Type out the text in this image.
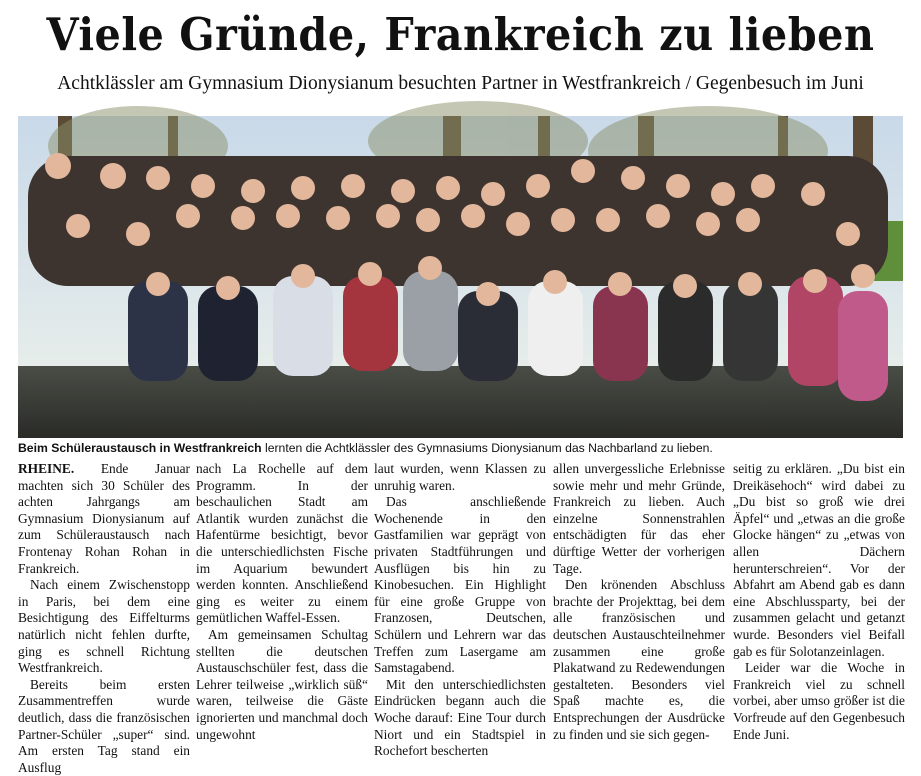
Viele Gründe, Frankreich zu lieben
Achtklässler am Gymnasium Dionysianum besuchten Partner in Westfrankreich / Gegenbesuch im Juni
Beim Schüleraustausch in Westfrankreich lernten die Achtklässler des Gymnasiums Dionysianum das Nachbarland zu lieben.

RHEINE. Ende Januar machten sich 30 Schüler des achten Jahrgangs am Gymnasium Dionysianum auf zum Schüleraustausch nach Frontenay Rohan Rohan in Frankreich.

Nach einem Zwischenstopp in Paris, bei dem eine Besichtigung des Eiffelturms natürlich nicht fehlen durfte, ging es schnell Richtung Westfrankreich.

Bereits beim ersten Zusammentreffen wurde deutlich, dass die französischen Partner-Schüler „super“ sind. Am ersten Tag stand ein Ausflug

nach La Rochelle auf dem Programm. In der beschaulichen Stadt am Atlantik wurden zunächst die Hafentürme besichtigt, bevor die unterschiedlichsten Fische im Aquarium bewundert werden konnten. Anschließend ging es weiter zu einem gemütlichen Waffel-Essen.

Am gemeinsamen Schultag stellten die deutschen Austauschschüler fest, dass die Lehrer teilweise „wirklich süß“ waren, teilweise die Gäste ignorierten und manchmal doch ungewohnt

laut wurden, wenn Klassen zu unruhig waren.

Das anschließende Wochenende in den Gastfamilien war geprägt von privaten Stadtführungen und Ausflügen bis hin zu Kinobesuchen. Ein Highlight für eine große Gruppe von Franzosen, Deutschen, Schülern und Lehrern war das Treffen zum Lasergame am Samstagabend.

Mit den unterschiedlichsten Eindrücken begann auch die Woche darauf: Eine Tour durch Niort und ein Stadtspiel in Rochefort bescherten

allen unvergessliche Erlebnisse sowie mehr und mehr Gründe, Frankreich zu lieben. Auch einzelne Sonnenstrahlen entschädigten für das eher dürftige Wetter der vorherigen Tage.

Den krönenden Abschluss brachte der Projekttag, bei dem alle französischen und deutschen Austauschteilnehmer zusammen eine große Plakatwand zu Redewendungen gestalteten. Besonders viel Spaß machte es, die Entsprechungen der Ausdrücke zu finden und sie sich gegen-

seitig zu erklären. „Du bist ein Dreikäsehoch“ wird dabei zu „Du bist so groß wie drei Äpfel“ und „etwas an die große Glocke hängen“ zu „etwas von allen Dächern herunterschreien“. Vor der Abfahrt am Abend gab es dann eine Abschlussparty, bei der zusammen gelacht und getanzt wurde. Besonders viel Beifall gab es für Solotanzeinlagen.

Leider war die Woche in Frankreich viel zu schnell vorbei, aber umso größer ist die Vorfreude auf den Gegenbesuch Ende Juni.
